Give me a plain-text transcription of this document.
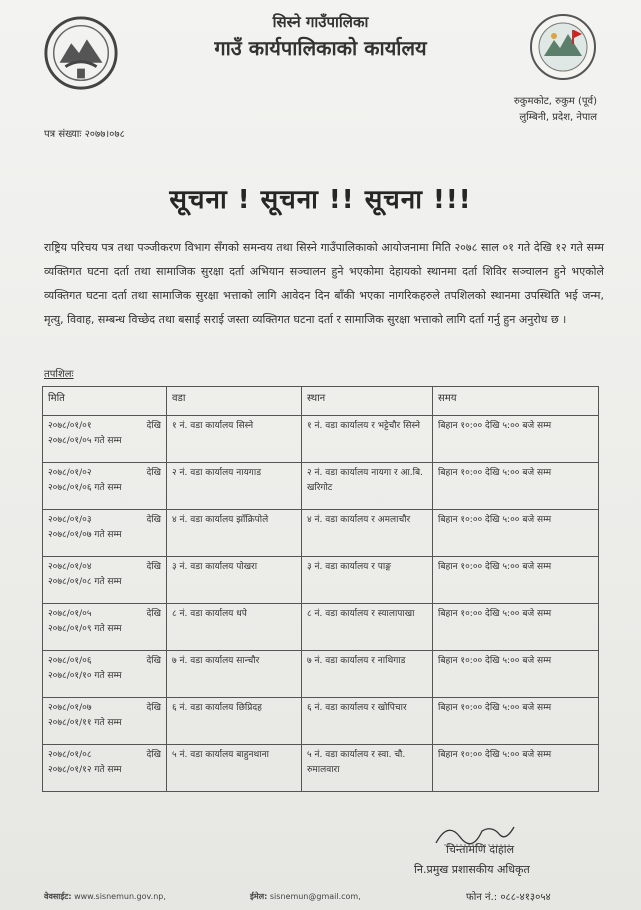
सिस्ने गाउँपालिका
गाउँ कार्यपालिकाको कार्यालय
रुकुमकोट, रुकुम (पूर्व)
लुम्बिनी, प्रदेश, नेपाल
पत्र संख्याः २०७७।०७८
सूचना ! सूचना !! सूचना !!!
राष्ट्रिय परिचय पत्र तथा पञ्जीकरण विभाग सँगको समन्वय तथा सिस्ने गाउँपालिकाको आयोजनामा मिति २०७८ साल ०१ गते देखि १२ गते सम्म व्यक्तिगत घटना दर्ता तथा सामाजिक सुरक्षा दर्ता अभियान सञ्चालन हुने भएकोमा देहायको स्थानमा दर्ता शिविर सञ्चालन हुने भएकोले व्यक्तिगत घटना दर्ता तथा सामाजिक सुरक्षा भत्ताको लागि आवेदन दिन बाँकी भएका नागरिकहरुले तपशिलको स्थानमा उपस्थिति भई जन्म, मृत्यु, विवाह, सम्बन्ध विच्छेद तथा बसाई सराई जस्ता व्यक्तिगत घटना दर्ता र सामाजिक सुरक्षा भत्ताको लागि दर्ता गर्नु हुन अनुरोध छ ।
तपशिलः
मिति	वडा	स्थान	समय

२०७८/०१/०१ देखि
२०७८/०१/०५ गते सम्म	१ नं. वडा कार्यालय सिस्ने	१ नं. वडा कार्यालय र भट्टेचौर सिस्ने	बिहान १०:०० देखि ५:०० बजे सम्म

२०७८/०१/०२ देखि
२०७८/०१/०६ गते सम्म	२ नं. वडा कार्यालय नायगाड	२ नं. वडा कार्यालय नायगा र आ.बि. खरिगोट	बिहान १०:०० देखि ५:०० बजे सम्म

२०७८/०१/०३ देखि
२०७८/०१/०७ गते सम्म	४ नं. वडा कार्यालय झाँक्रिपोले	४ नं. वडा कार्यालय र अमलाचौर	बिहान १०:०० देखि ५:०० बजे सम्म

२०७८/०१/०४ देखि
२०७८/०१/०८ गते सम्म	३ नं. वडा कार्यालय पोखरा	३ नं. वडा कार्यालय र पाङ्ग	बिहान १०:०० देखि ५:०० बजे सम्म

२०७८/०१/०५ देखि
२०७८/०१/०९ गते सम्म	८ नं. वडा कार्यालय धपे	८ नं. वडा कार्यालय र स्यालापाखा	बिहान १०:०० देखि ५:०० बजे सम्म

२०७८/०१/०६ देखि
२०७८/०१/१० गते सम्म	७ नं. वडा कार्यालय सान्चौर	७ नं. वडा कार्यालय र नाथिगाड	बिहान १०:०० देखि ५:०० बजे सम्म

२०७८/०१/०७ देखि
२०७८/०१/११ गते सम्म	६ नं. वडा कार्यालय छिप्रिदह	६ नं. वडा कार्यालय र खोपिचार	बिहान १०:०० देखि ५:०० बजे सम्म

२०७८/०१/०८ देखि
२०७८/०१/१२ गते सम्म	५ नं. वडा कार्यालय बाहुनथाना	५ नं. वडा कार्यालय र स्वा. चौ. रुमालवारा	बिहान १०:०० देखि ५:०० बजे सम्म
चिन्तामणि दाहाल
नि.प्रमुख प्रशासकीय अधिकृत
वेवसाईट: www.sisnemun.gov.np,	ईमेल: sisnemun@gmail.com,	फोन नं.: ०८८-४१३०५४
